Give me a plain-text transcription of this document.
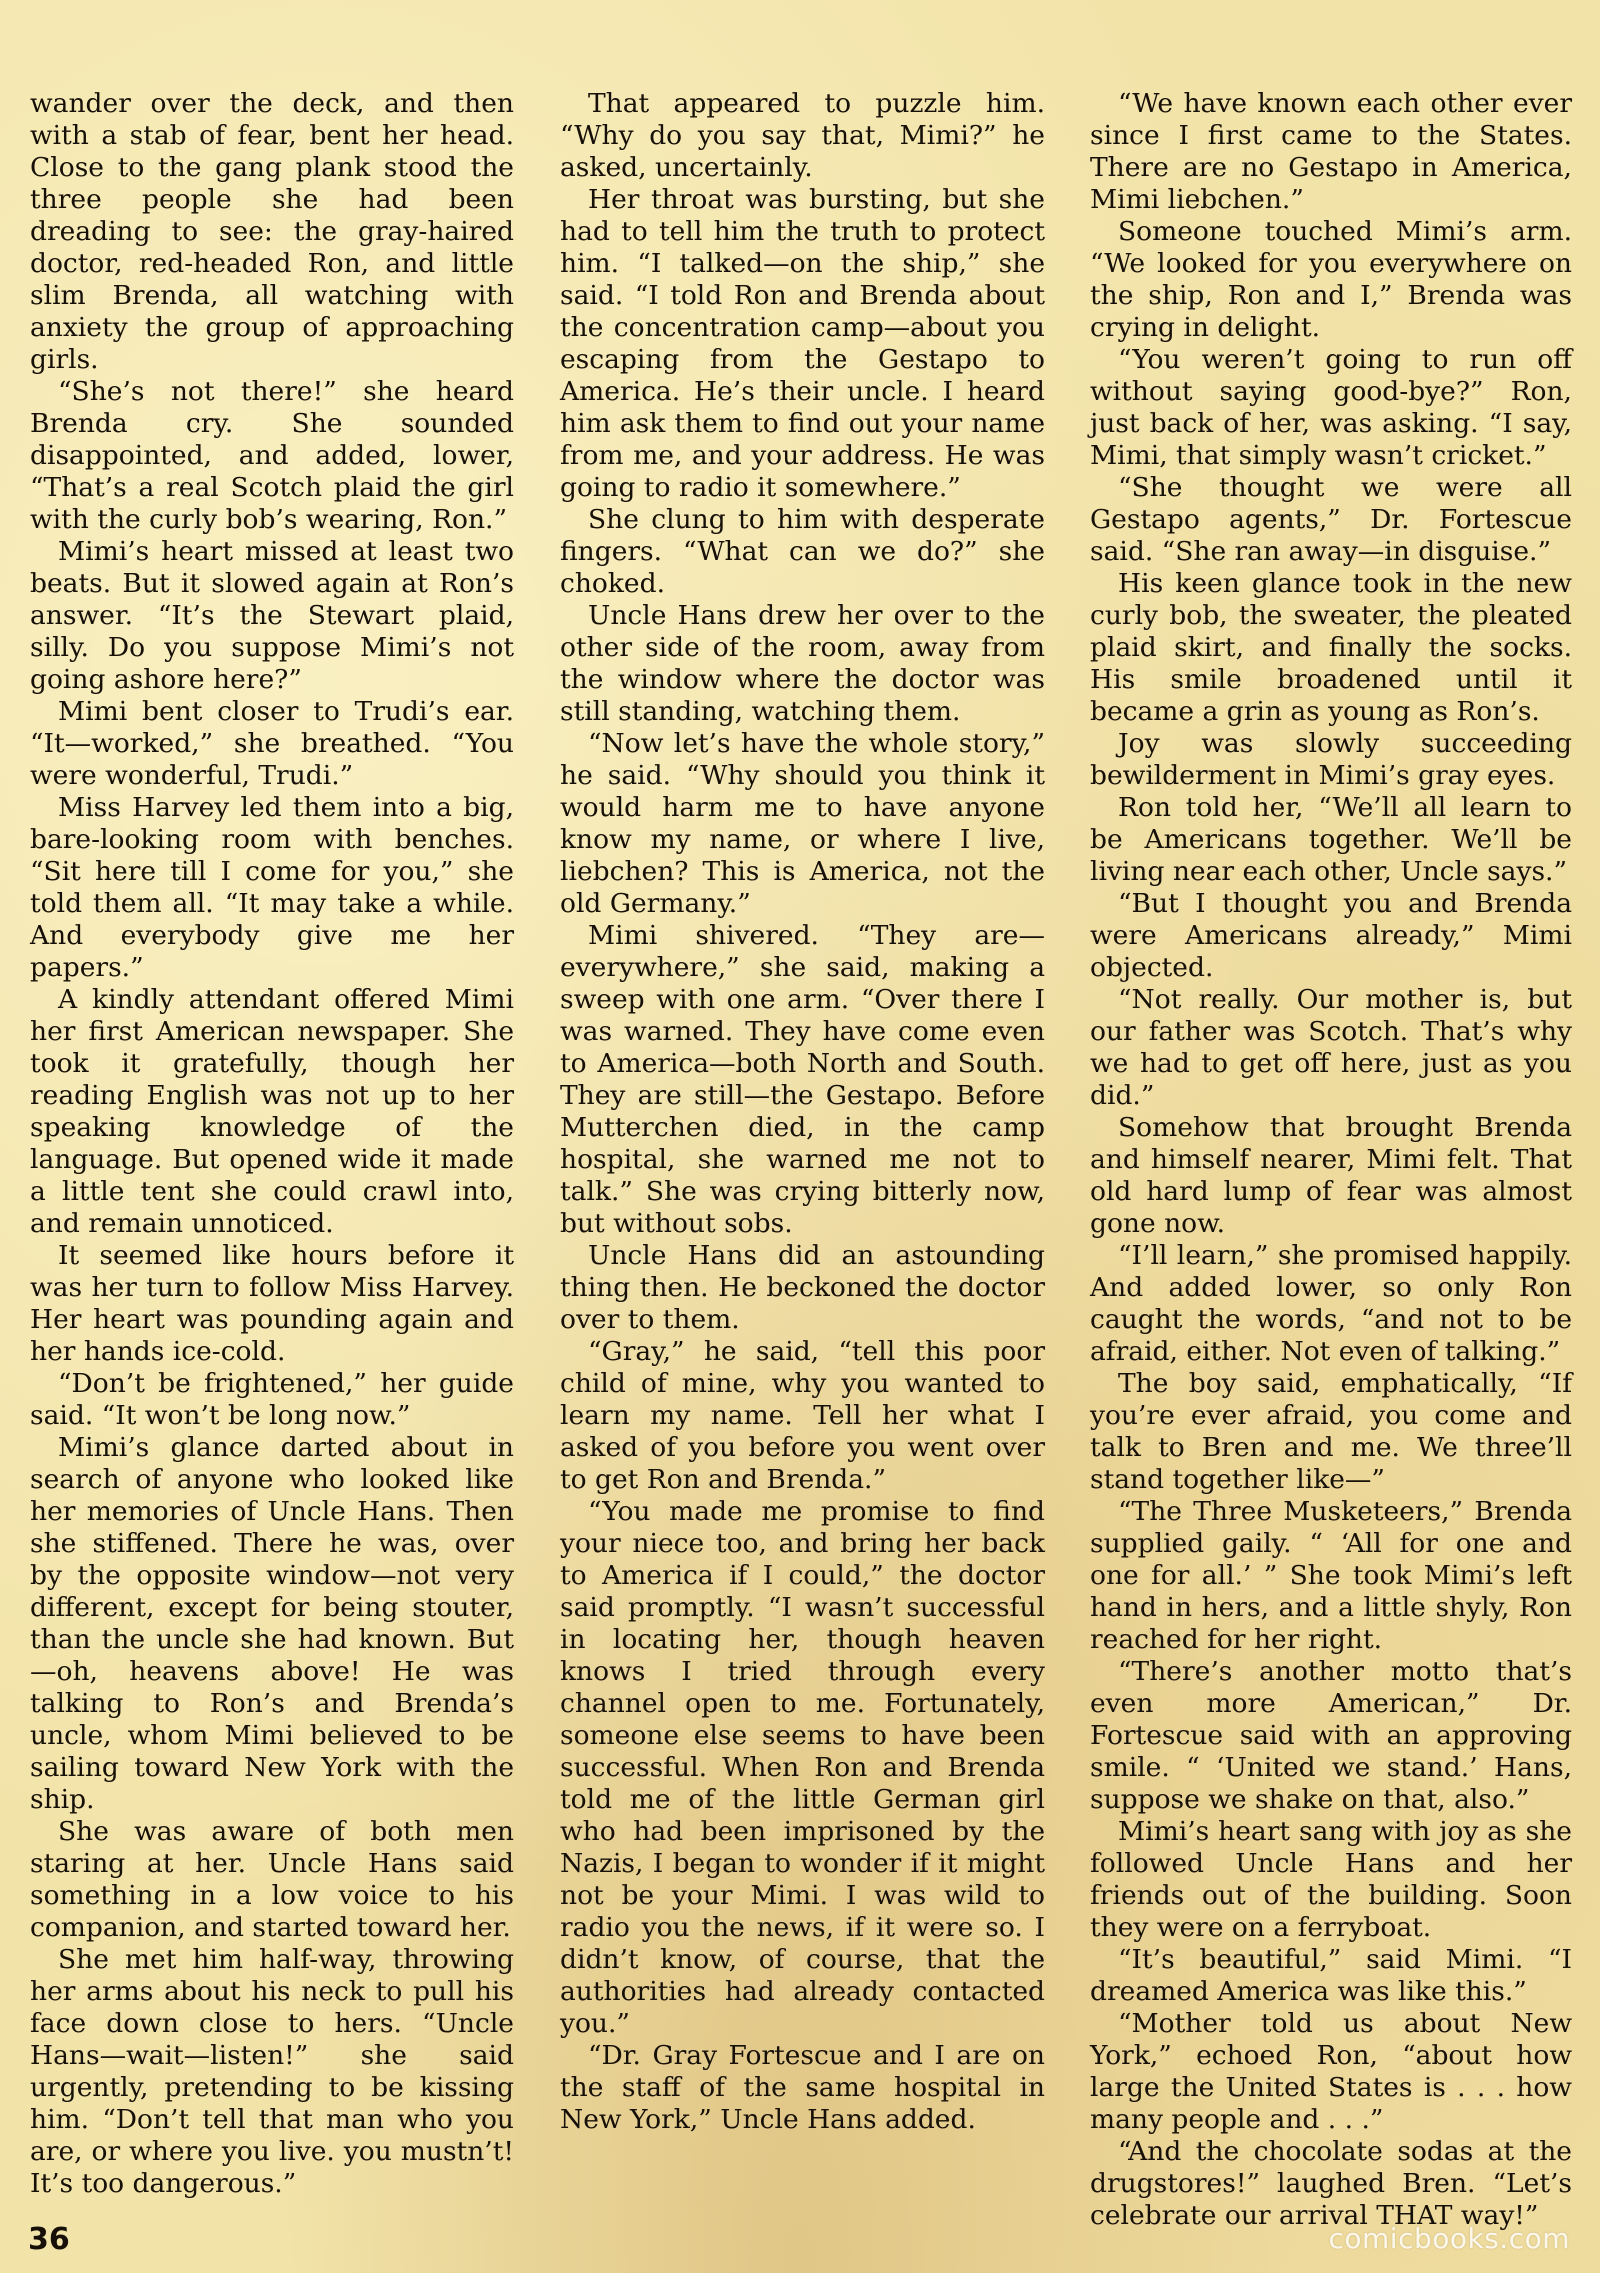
wander over the deck, and then with a stab of fear, bent her head. Close to the gang plank stood the three people she had been dreading to see: the gray-haired doctor, red-headed Ron, and little slim Brenda, all watching with anxiety the group of approaching girls.

“She’s not there!” she heard Brenda cry. She sounded disappointed, and added, lower, “That’s a real Scotch plaid the girl with the curly bob’s wearing, Ron.”

Mimi’s heart missed at least two beats. But it slowed again at Ron’s answer. “It’s the Stewart plaid, silly. Do you suppose Mimi’s not going ashore here?”

Mimi bent closer to Trudi’s ear. “It—worked,” she breathed. “You were wonderful, Trudi.”

Miss Harvey led them into a big, bare-looking room with benches. “Sit here till I come for you,” she told them all. “It may take a while. And everybody give me her papers.”

A kindly attendant offered Mimi her first American newspaper. She took it gratefully, though her reading English was not up to her speaking knowledge of the language. But opened wide it made a little tent she could crawl into, and remain unnoticed.

It seemed like hours before it was her turn to follow Miss Harvey. Her heart was pounding again and her hands ice-cold.

“Don’t be frightened,” her guide said. “It won’t be long now.”

Mimi’s glance darted about in search of anyone who looked like her memories of Uncle Hans. Then she stiffened. There he was, over by the opposite window—not very different, except for being stouter, than the uncle she had known. But—oh, heavens above! He was talking to Ron’s and Brenda’s uncle, whom Mimi believed to be sailing toward New York with the ship.

She was aware of both men staring at her. Uncle Hans said something in a low voice to his companion, and started toward her.

She met him half-way, throwing her arms about his neck to pull his face down close to hers. “Uncle Hans—wait—listen!” she said urgently, pretending to be kissing him. “Don’t tell that man who you are, or where you live. you mustn’t! It’s too dangerous.”

That appeared to puzzle him. “Why do you say that, Mimi?” he asked, uncertainly.

Her throat was bursting, but she had to tell him the truth to protect him. “I talked—on the ship,” she said. “I told Ron and Brenda about the concentration camp—about you escaping from the Gestapo to America. He’s their uncle. I heard him ask them to find out your name from me, and your address. He was going to radio it somewhere.”

She clung to him with desperate fingers. “What can we do?” she choked.

Uncle Hans drew her over to the other side of the room, away from the window where the doctor was still standing, watching them.

“Now let’s have the whole story,” he said. “Why should you think it would harm me to have anyone know my name, or where I live, liebchen? This is America, not the old Germany.”

Mimi shivered. “They are—everywhere,” she said, making a sweep with one arm. “Over there I was warned. They have come even to America—both North and South. They are still—the Gestapo. Before Mutterchen died, in the camp hospital, she warned me not to talk.” She was crying bitterly now, but without sobs.

Uncle Hans did an astounding thing then. He beckoned the doctor over to them.

“Gray,” he said, “tell this poor child of mine, why you wanted to learn my name. Tell her what I asked of you before you went over to get Ron and Brenda.”

“You made me promise to find your niece too, and bring her back to America if I could,” the doctor said promptly. “I wasn’t successful in locating her, though heaven knows I tried through every channel open to me. Fortunately, someone else seems to have been successful. When Ron and Brenda told me of the little German girl who had been imprisoned by the Nazis, I began to wonder if it might not be your Mimi. I was wild to radio you the news, if it were so. I didn’t know, of course, that the authorities had already contacted you.”

“Dr. Gray Fortescue and I are on the staff of the same hospital in New York,” Uncle Hans added.

“We have known each other ever since I first came to the States. There are no Gestapo in America, Mimi liebchen.”

Someone touched Mimi’s arm. “We looked for you everywhere on the ship, Ron and I,” Brenda was crying in delight.

“You weren’t going to run off without saying good-bye?” Ron, just back of her, was asking. “I say, Mimi, that simply wasn’t cricket.”

“She thought we were all Gestapo agents,” Dr. Fortescue said. “She ran away—in disguise.”

His keen glance took in the new curly bob, the sweater, the pleated plaid skirt, and finally the socks. His smile broadened until it became a grin as young as Ron’s.

Joy was slowly succeeding bewilderment in Mimi’s gray eyes.

Ron told her, “We’ll all learn to be Americans together. We’ll be living near each other, Uncle says.”

“But I thought you and Brenda were Americans already,” Mimi objected.

“Not really. Our mother is, but our father was Scotch. That’s why we had to get off here, just as you did.”

Somehow that brought Brenda and himself nearer, Mimi felt. That old hard lump of fear was almost gone now.

“I’ll learn,” she promised happily. And added lower, so only Ron caught the words, “and not to be afraid, either. Not even of talking.”

The boy said, emphatically, “If you’re ever afraid, you come and talk to Bren and me. We three’ll stand together like—”

“The Three Musketeers,” Brenda supplied gaily. “ ‘All for one and one for all.’ ” She took Mimi’s left hand in hers, and a little shyly, Ron reached for her right.

“There’s another motto that’s even more American,” Dr. Fortescue said with an approving smile. “ ‘United we stand.’ Hans, suppose we shake on that, also.”

Mimi’s heart sang with joy as she followed Uncle Hans and her friends out of the building. Soon they were on a ferryboat.

“It’s beautiful,” said Mimi. “I dreamed America was like this.”

“Mother told us about New York,” echoed Ron, “about how large the United States is . . . how many people and . . .”

“And the chocolate sodas at the drugstores!” laughed Bren. “Let’s celebrate our arrival THAT way!”

36	comicbooks.com
